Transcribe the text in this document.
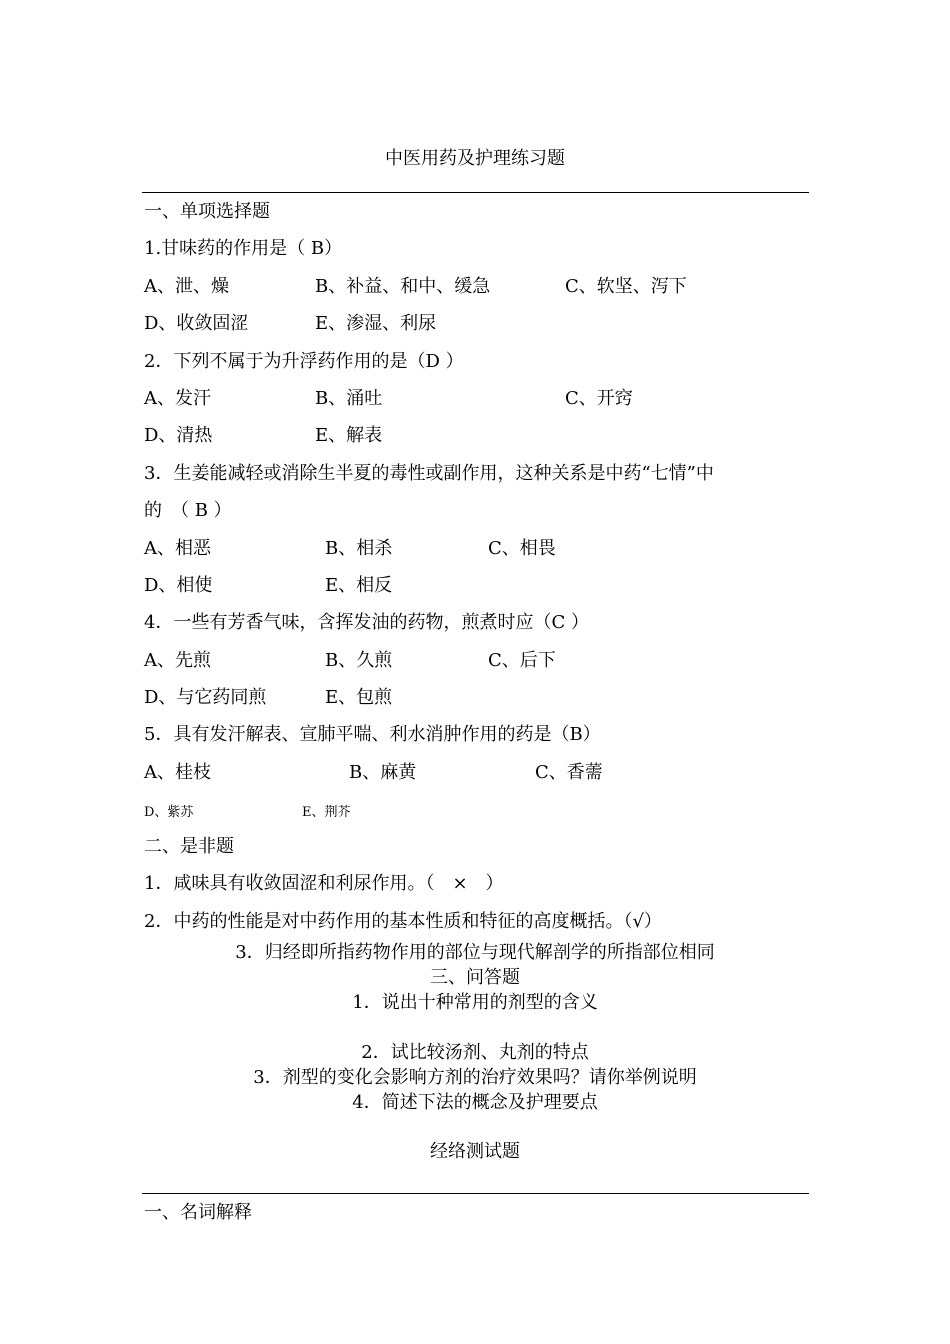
中医用药及护理练习题
一、单项选择题
1.甘味药的作用是（ B）
A、泄、燥	B、补益、和中、缓急	C、软坚、泻下
D、收敛固涩	E、渗湿、利尿
2．下列不属于为升浮药作用的是（D ）
A、发汗	B、涌吐	C、开窍
D、清热	E、解表
3．生姜能减轻或消除生半夏的毒性或副作用，这种关系是中药“七情”中
的　（ B ）
A、相恶	B、相杀	C、相畏
D、相使	E、相反
4．一些有芳香气味，含挥发油的药物，煎煮时应（C ）
A、先煎	B、久煎	C、后下
D、与它药同煎	E、包煎
5．具有发汗解表、宣肺平喘、利水消肿作用的药是（B）
A、桂枝	B、麻黄	C、香薷
D、紫苏	E、荆芥
二、是非题
1．咸味具有收敛固涩和利尿作用。（　×　）
2．中药的性能是对中药作用的基本性质和特征的高度概括。（√）
3．归经即所指药物作用的部位与现代解剖学的所指部位相同
三、问答题
1．说出十种常用的剂型的含义
2．试比较汤剂、丸剂的特点
3．剂型的变化会影响方剂的治疗效果吗？请你举例说明
4．简述下法的概念及护理要点
经络测试题
一、名词解释
